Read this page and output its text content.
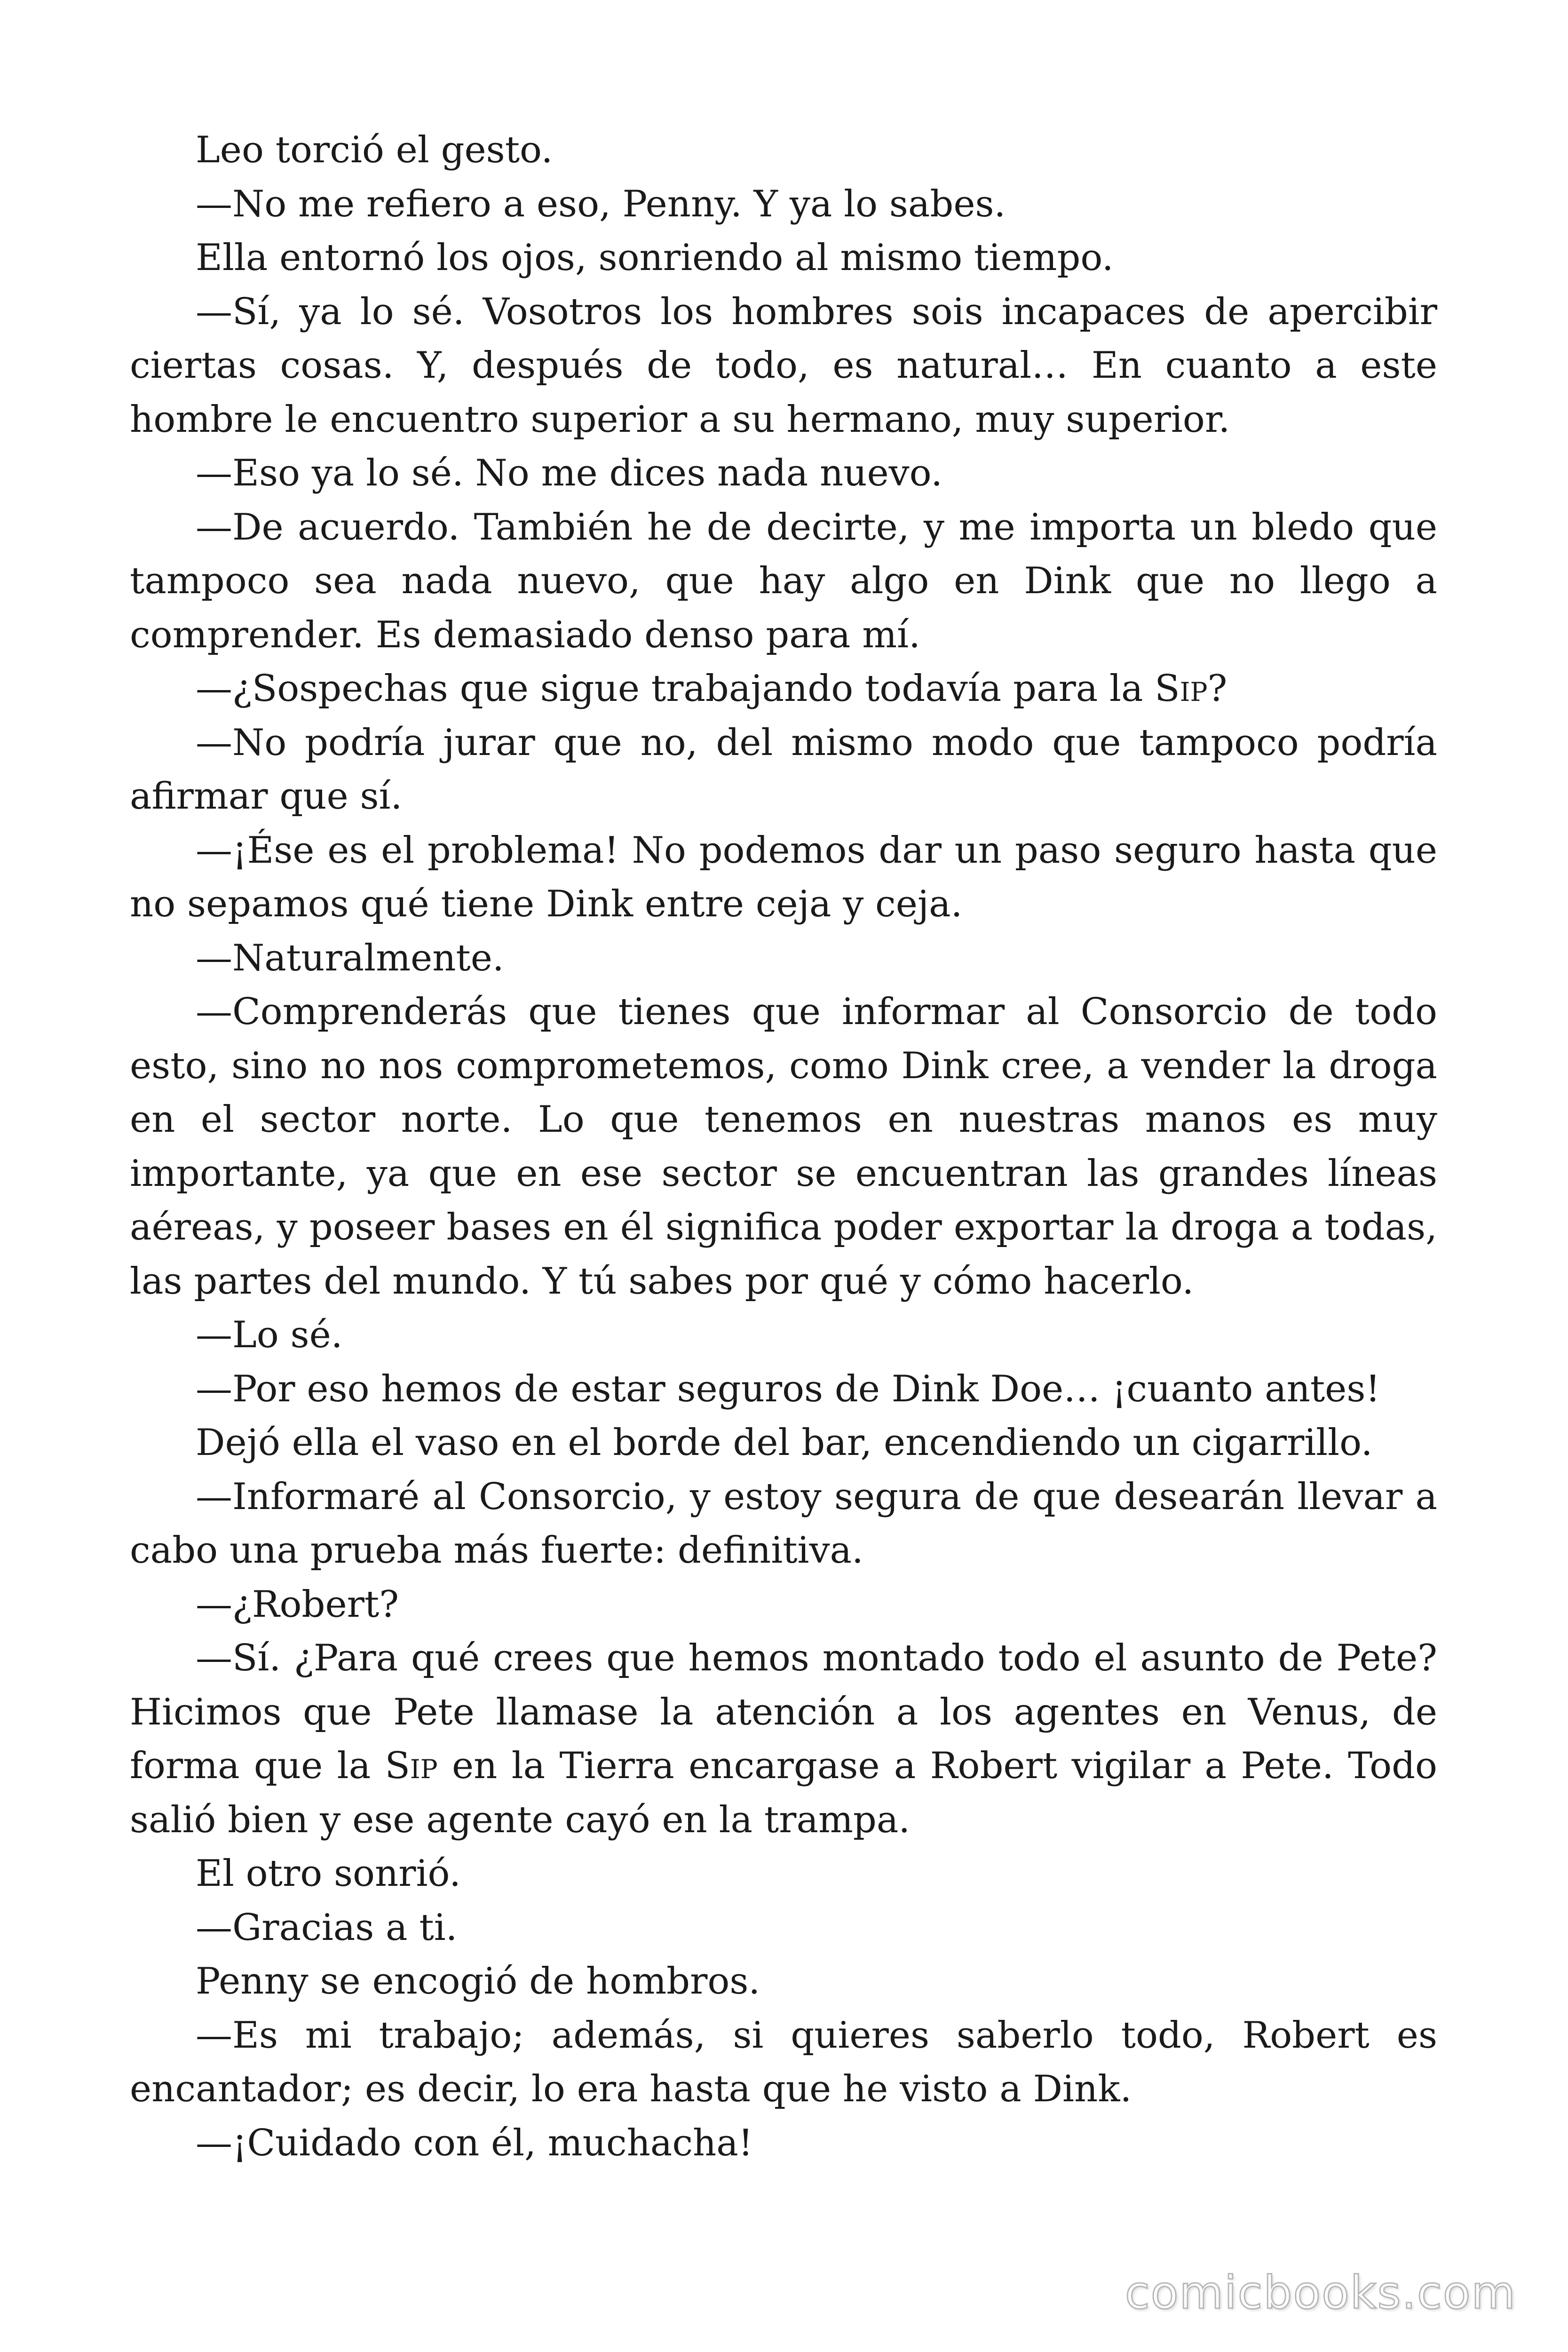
Leo torció el gesto.

—No me refiero a eso, Penny. Y ya lo sabes.

Ella entornó los ojos, sonriendo al mismo tiempo.

—Sí, ya lo sé. Vosotros los hombres sois incapaces de apercibir ciertas cosas. Y, después de todo, es natural… En cuanto a este hombre le encuentro superior a su hermano, muy superior.

—Eso ya lo sé. No me dices nada nuevo.

—De acuerdo. También he de decirte, y me importa un bledo que tampoco sea nada nuevo, que hay algo en Dink que no llego a comprender. Es demasiado denso para mí.

—¿Sospechas que sigue trabajando todavía para la Sip?

—No podría jurar que no, del mismo modo que tampoco podría afirmar que sí.

—¡Ése es el problema! No podemos dar un paso seguro hasta que no sepamos qué tiene Dink entre ceja y ceja.

—Naturalmente.

—Comprenderás que tienes que informar al Consorcio de todo esto, sino no nos comprometemos, como Dink cree, a vender la droga en el sector norte. Lo que tenemos en nuestras manos es muy importante, ya que en ese sector se encuentran las grandes líneas aéreas, y poseer bases en él significa poder exportar la droga a todas, las partes del mundo. Y tú sabes por qué y cómo hacerlo.

—Lo sé.

—Por eso hemos de estar seguros de Dink Doe… ¡cuanto antes!

Dejó ella el vaso en el borde del bar, encendiendo un cigarrillo.

—Informaré al Consorcio, y estoy segura de que desearán llevar a cabo una prueba más fuerte: definitiva.

—¿Robert?

—Sí. ¿Para qué crees que hemos montado todo el asunto de Pete? Hicimos que Pete llamase la atención a los agentes en Venus, de forma que la Sip en la Tierra encargase a Robert vigilar a Pete. Todo salió bien y ese agente cayó en la trampa.

El otro sonrió.

—Gracias a ti.

Penny se encogió de hombros.

—Es mi trabajo; además, si quieres saberlo todo, Robert es encantador; es decir, lo era hasta que he visto a Dink.

—¡Cuidado con él, muchacha!

comicbooks.com
